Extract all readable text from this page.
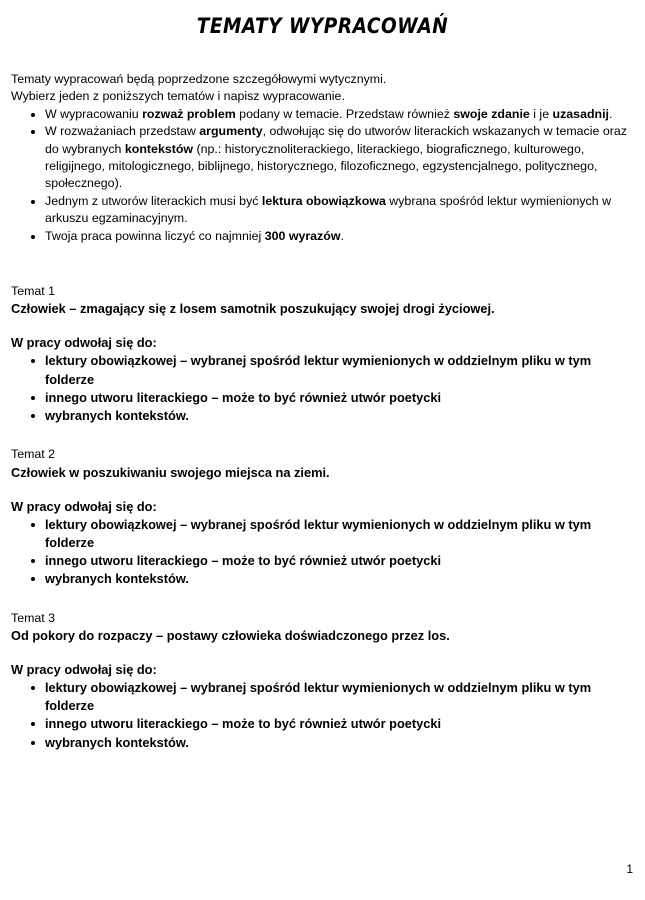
TEMATY WYPRACOWAŃ

Tematy wypracowań będą poprzedzone szczegółowymi wytycznymi.

Wybierz jeden z poniższych tematów i napisz wypracowanie.

W wypracowaniu rozważ problem podany w temacie. Przedstaw również swoje zdanie i je uzasadnij.
W rozważaniach przedstaw argumenty, odwołując się do utworów literackich wskazanych w temacie oraz do wybranych kontekstów (np.: historycznoliterackiego, literackiego, biograficznego, kulturowego, religijnego, mitologicznego, biblijnego, historycznego, filozoficznego, egzystencjalnego, politycznego, społecznego).
Jednym z utworów literackich musi być lektura obowiązkowa wybrana spośród lektur wymienionych w arkuszu egzaminacyjnym.
Twoja praca powinna liczyć co najmniej 300 wyrazów.

Temat 1

Człowiek – zmagający się z losem samotnik poszukujący swojej drogi życiowej.

W pracy odwołaj się do:

lektury obowiązkowej – wybranej spośród lektur wymienionych w oddzielnym pliku w tym folderze
innego utworu literackiego – może to być również utwór poetycki
wybranych kontekstów.

Temat 2

Człowiek w poszukiwaniu swojego miejsca na ziemi.

W pracy odwołaj się do:

lektury obowiązkowej – wybranej spośród lektur wymienionych w oddzielnym pliku w tym folderze
innego utworu literackiego – może to być również utwór poetycki
wybranych kontekstów.

Temat 3

Od pokory do rozpaczy – postawy człowieka doświadczonego przez los.

W pracy odwołaj się do:

lektury obowiązkowej – wybranej spośród lektur wymienionych w oddzielnym pliku w tym folderze
innego utworu literackiego – może to być również utwór poetycki
wybranych kontekstów.
1
